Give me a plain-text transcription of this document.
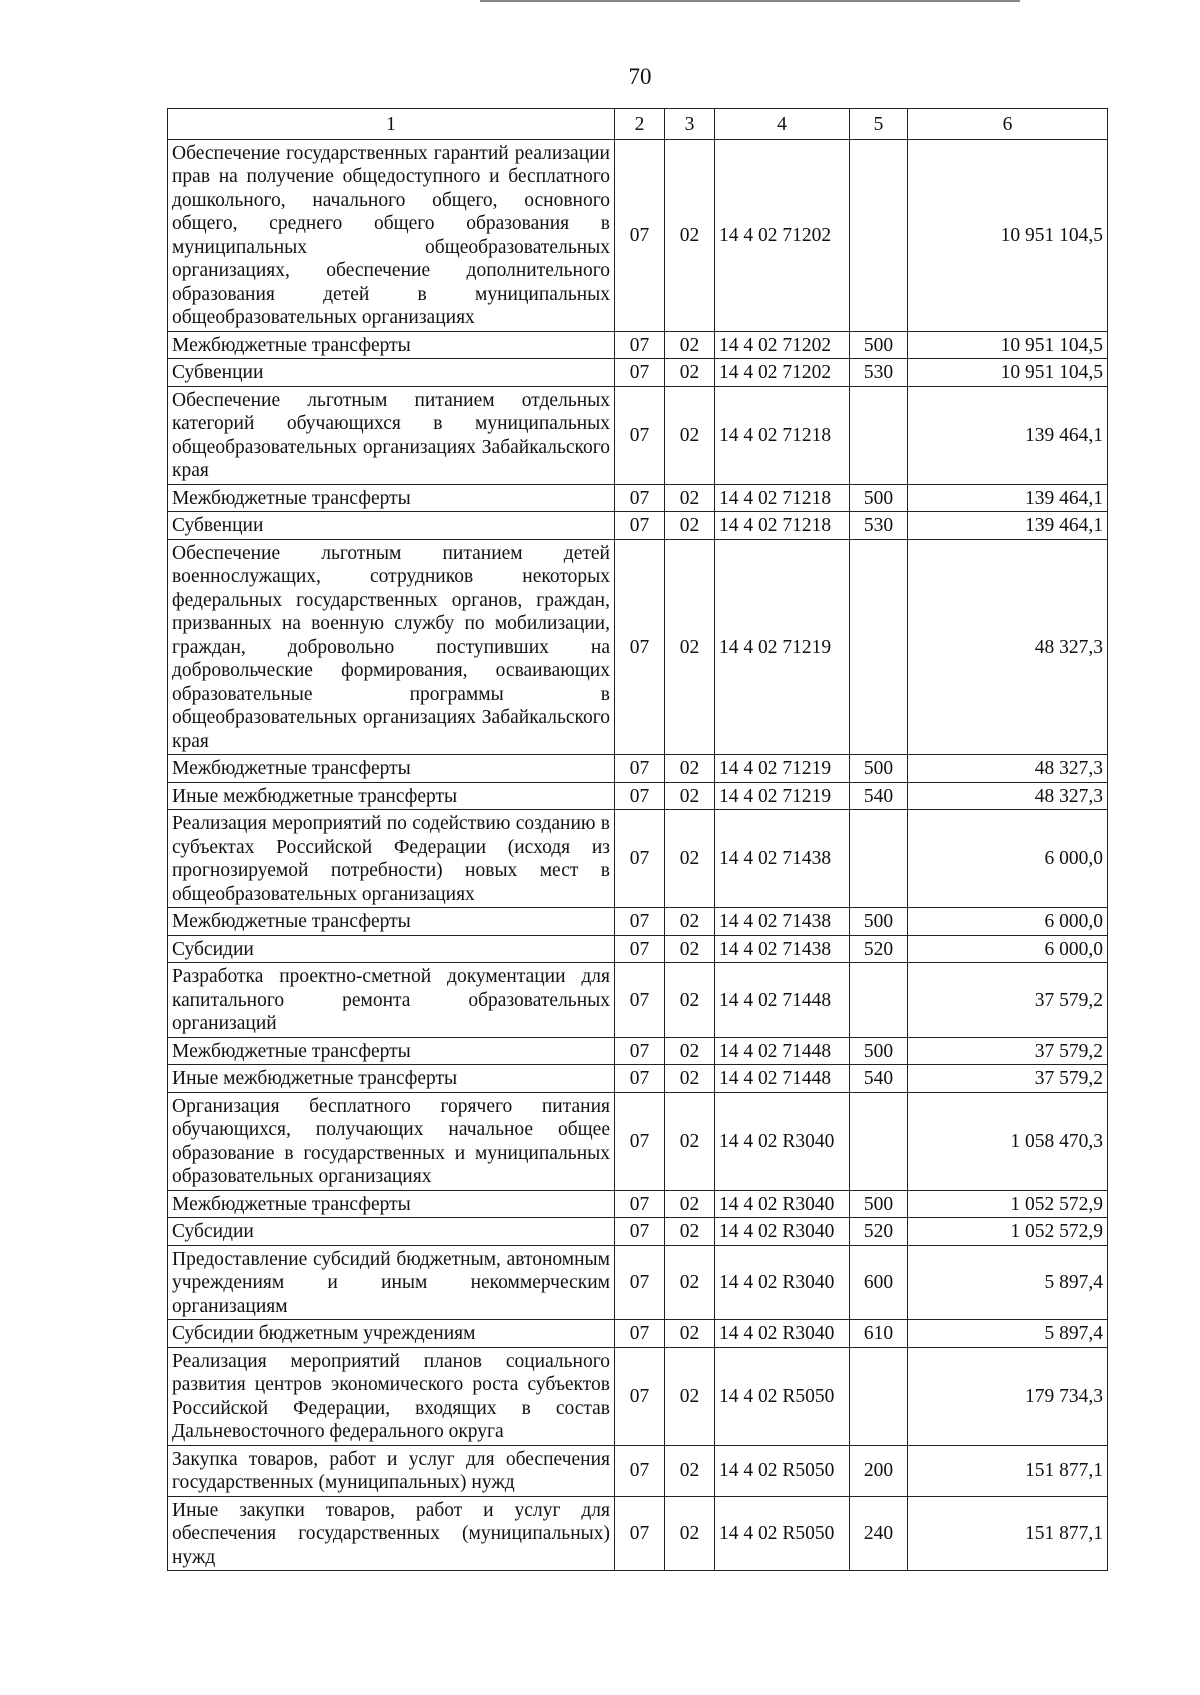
70
1	2	3	4	5	6
Обеспечение государственных гарантий реализации прав на получение общедоступного и бесплатного дошкольного, начального общего, основного общего, среднего общего образования в муниципальных общеобразовательных организациях, обеспечение дополнительного образования детей в муниципальных общеобразовательных организациях	07	02	14 4 02 71202		10 951 104,5
Межбюджетные трансферты	07	02	14 4 02 71202	500	10 951 104,5
Субвенции	07	02	14 4 02 71202	530	10 951 104,5
Обеспечение льготным питанием отдельных категорий обучающихся в муниципальных общеобразовательных организациях Забайкальского края	07	02	14 4 02 71218		139 464,1
Межбюджетные трансферты	07	02	14 4 02 71218	500	139 464,1
Субвенции	07	02	14 4 02 71218	530	139 464,1
Обеспечение льготным питанием детей военнослужащих, сотрудников некоторых федеральных государственных органов, граждан, призванных на военную службу по мобилизации, граждан, добровольно поступивших на добровольческие формирования, осваивающих образовательные программы в общеобразовательных организациях Забайкальского края	07	02	14 4 02 71219		48 327,3
Межбюджетные трансферты	07	02	14 4 02 71219	500	48 327,3
Иные межбюджетные трансферты	07	02	14 4 02 71219	540	48 327,3
Реализация мероприятий по содействию созданию в субъектах Российской Федерации (исходя из прогнозируемой потребности) новых мест в общеобразовательных организациях	07	02	14 4 02 71438		6 000,0
Межбюджетные трансферты	07	02	14 4 02 71438	500	6 000,0
Субсидии	07	02	14 4 02 71438	520	6 000,0
Разработка проектно-сметной документации для капитального ремонта образовательных организаций	07	02	14 4 02 71448		37 579,2
Межбюджетные трансферты	07	02	14 4 02 71448	500	37 579,2
Иные межбюджетные трансферты	07	02	14 4 02 71448	540	37 579,2
Организация бесплатного горячего питания обучающихся, получающих начальное общее образование в государственных и муниципальных образовательных организациях	07	02	14 4 02 R3040		1 058 470,3
Межбюджетные трансферты	07	02	14 4 02 R3040	500	1 052 572,9
Субсидии	07	02	14 4 02 R3040	520	1 052 572,9
Предоставление субсидий бюджетным, автономным учреждениям и иным некоммерческим организациям	07	02	14 4 02 R3040	600	5 897,4
Субсидии бюджетным учреждениям	07	02	14 4 02 R3040	610	5 897,4
Реализация мероприятий планов социального развития центров экономического роста субъектов Российской Федерации, входящих в состав Дальневосточного федерального округа	07	02	14 4 02 R5050		179 734,3
Закупка товаров, работ и услуг для обеспечения государственных (муниципальных) нужд	07	02	14 4 02 R5050	200	151 877,1
Иные закупки товаров, работ и услуг для обеспечения государственных (муниципальных) нужд	07	02	14 4 02 R5050	240	151 877,1
